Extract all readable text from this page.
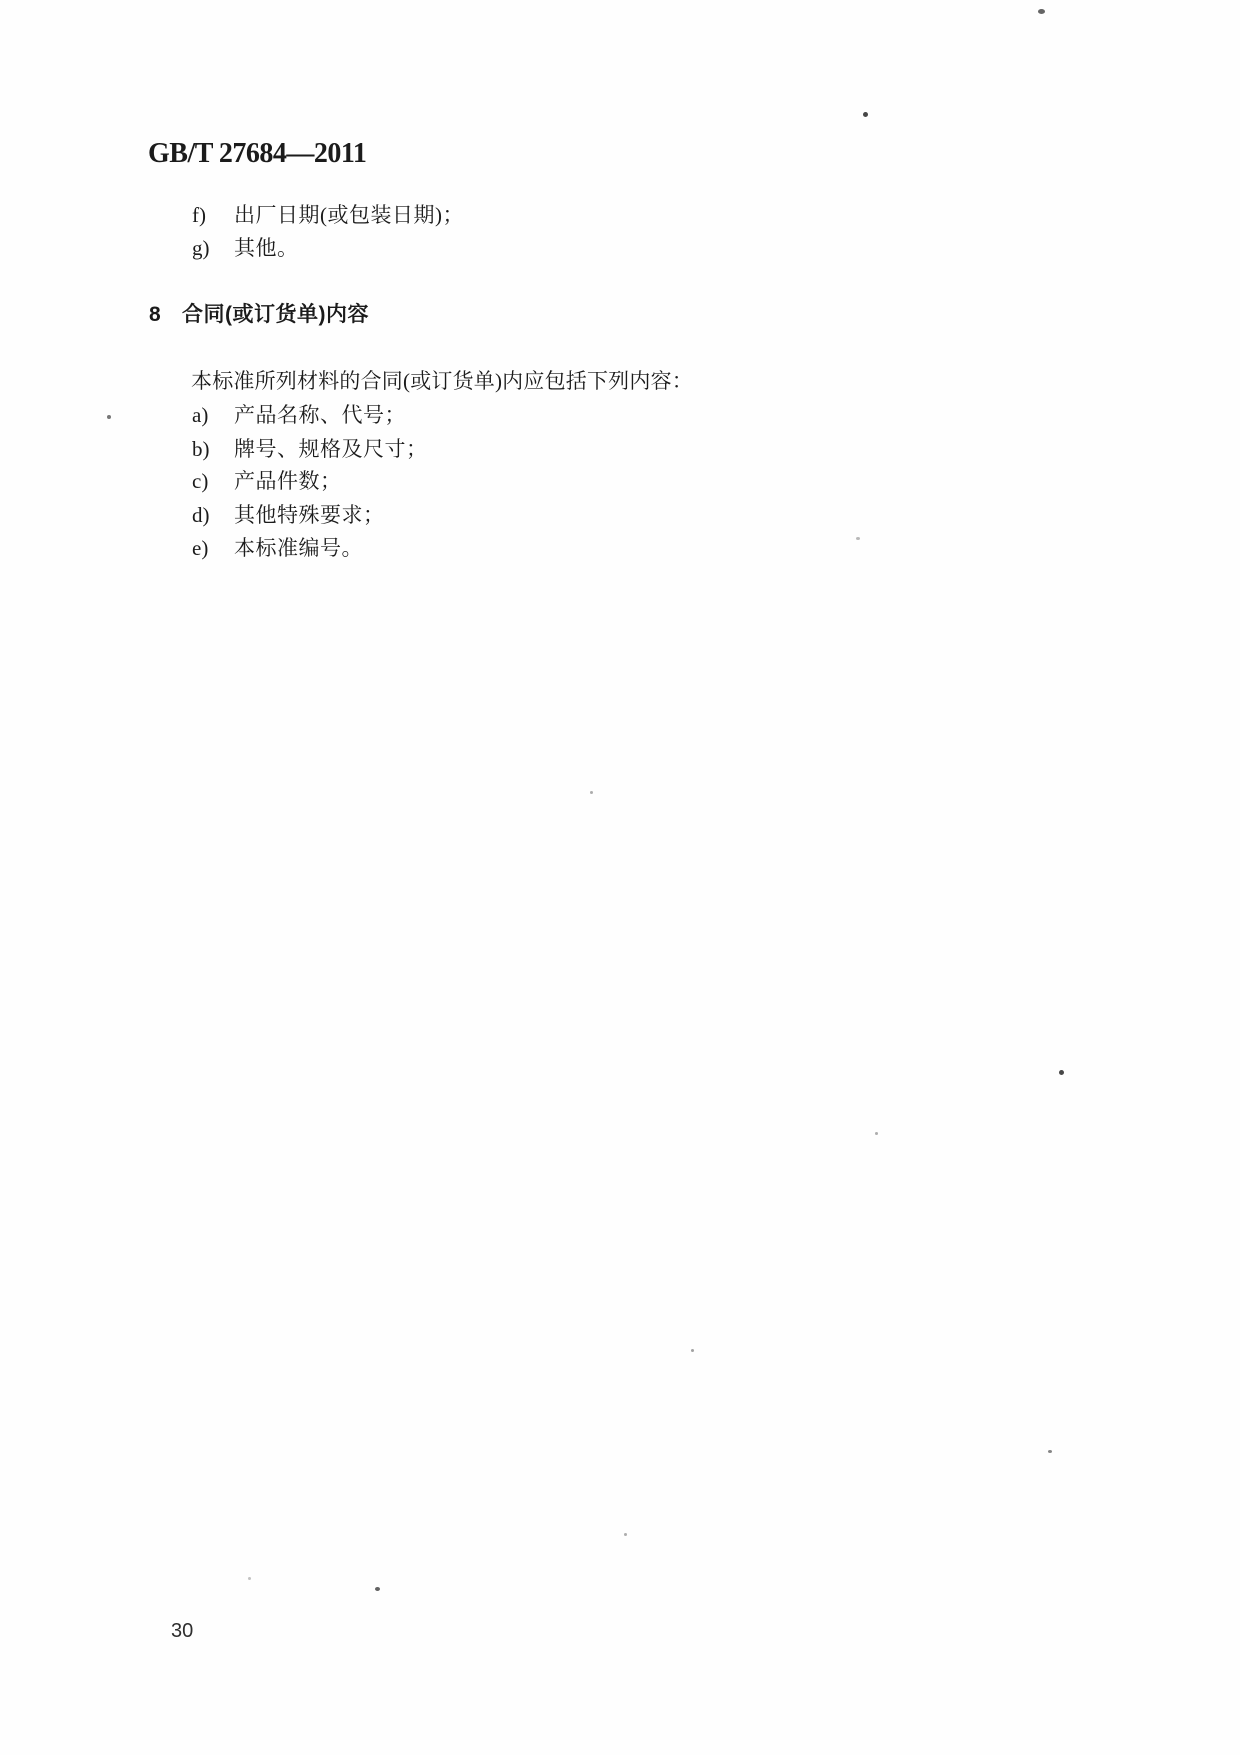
GB/T 27684—2011
f) 出厂日期(或包装日期)；
g) 其他。
8 合同(或订货单)内容
本标准所列材料的合同(或订货单)内应包括下列内容：
a) 产品名称、代号；
b) 牌号、规格及尺寸；
c) 产品件数；
d) 其他特殊要求；
e) 本标准编号。
30
